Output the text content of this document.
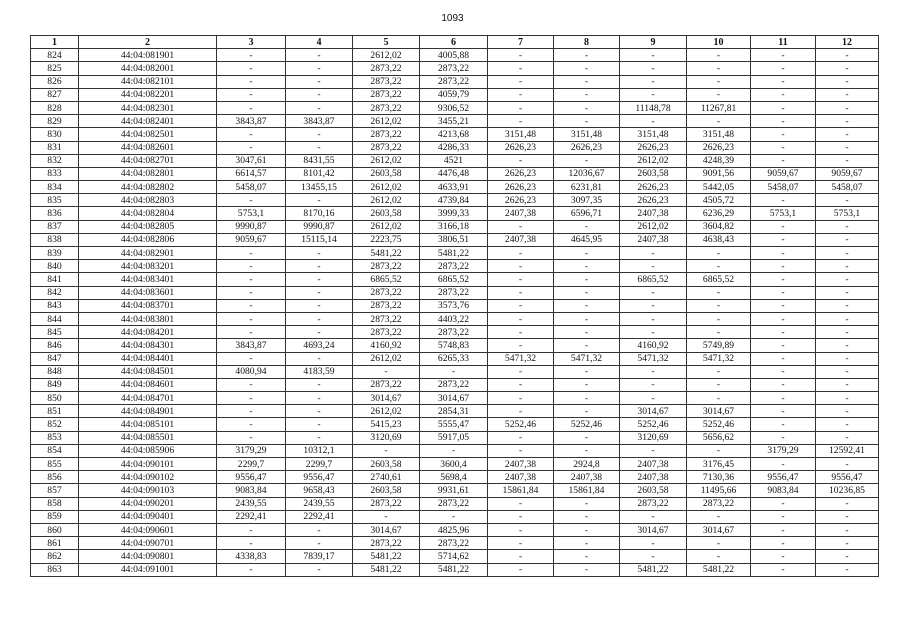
1093
1	2	3	4	5	6	7	8	9	10	11	12
824	44:04:081901	-	-	2612,02	4005,88	-	-	-	-	-	-
825	44:04:082001	-	-	2873,22	2873,22	-	-	-	-	-	-
826	44:04:082101	-	-	2873,22	2873,22	-	-	-	-	-	-
827	44:04:082201	-	-	2873,22	4059,79	-	-	-	-	-	-
828	44:04:082301	-	-	2873,22	9306,52	-	-	11148,78	11267,81	-	-
829	44:04:082401	3843,87	3843,87	2612,02	3455,21	-	-	-	-	-	-
830	44:04:082501	-	-	2873,22	4213,68	3151,48	3151,48	3151,48	3151,48	-	-
831	44:04:082601	-	-	2873,22	4286,33	2626,23	2626,23	2626,23	2626,23	-	-
832	44:04:082701	3047,61	8431,55	2612,02	4521	-	-	2612,02	4248,39	-	-
833	44:04:082801	6614,57	8101,42	2603,58	4476,48	2626,23	12036,67	2603,58	9091,56	9059,67	9059,67
834	44:04:082802	5458,07	13455,15	2612,02	4633,91	2626,23	6231,81	2626,23	5442,05	5458,07	5458,07
835	44:04:082803	-	-	2612,02	4739,84	2626,23	3097,35	2626,23	4505,72	-	-
836	44:04:082804	5753,1	8170,16	2603,58	3999,33	2407,38	6596,71	2407,38	6236,29	5753,1	5753,1
837	44:04:082805	9990,87	9990,87	2612,02	3166,18	-	-	2612,02	3604,82	-	-
838	44:04:082806	9059,67	15115,14	2223,75	3806,51	2407,38	4645,95	2407,38	4638,43	-	-
839	44:04:082901	-	-	5481,22	5481,22	-	-	-	-	-	-
840	44:04:083201	-	-	2873,22	2873,22	-	-	-	-	-	-
841	44:04:083401	-	-	6865,52	6865,52	-	-	6865,52	6865,52	-	-
842	44:04:083601	-	-	2873,22	2873,22	-	-	-	-	-	-
843	44:04:083701	-	-	2873,22	3573,76	-	-	-	-	-	-
844	44:04:083801	-	-	2873,22	4403,22	-	-	-	-	-	-
845	44:04:084201	-	-	2873,22	2873,22	-	-	-	-	-	-
846	44:04:084301	3843,87	4693,24	4160,92	5748,83	-	-	4160,92	5749,89	-	-
847	44:04:084401	-	-	2612,02	6265,33	5471,32	5471,32	5471,32	5471,32	-	-
848	44:04:084501	4080,94	4183,59	-	-	-	-	-	-	-	-
849	44:04:084601	-	-	2873,22	2873,22	-	-	-	-	-	-
850	44:04:084701	-	-	3014,67	3014,67	-	-	-	-	-	-
851	44:04:084901	-	-	2612,02	2854,31	-	-	3014,67	3014,67	-	-
852	44:04:085101	-	-	5415,23	5555,47	5252,46	5252,46	5252,46	5252,46	-	-
853	44:04:085501	-	-	3120,69	5917,05	-	-	3120,69	5656,62	-	-
854	44:04:085906	3179,29	10312,1	-	-	-	-	-	-	3179,29	12592,41
855	44:04:090101	2299,7	2299,7	2603,58	3600,4	2407,38	2924,8	2407,38	3176,45	-	-
856	44:04:090102	9556,47	9556,47	2740,61	5698,4	2407,38	2407,38	2407,38	7130,36	9556,47	9556,47
857	44:04:090103	9083,84	9658,43	2603,58	9931,61	15861,84	15861,84	2603,58	11495,66	9083,84	10236,85
858	44:04:090201	2439,55	2439,55	2873,22	2873,22	-	-	2873,22	2873,22	-	-
859	44:04:090401	2292,41	2292,41	-	-	-	-	-	-	-	-
860	44:04:090601	-	-	3014,67	4825,96	-	-	3014,67	3014,67	-	-
861	44:04:090701	-	-	2873,22	2873,22	-	-	-	-	-	-
862	44:04:090801	4338,83	7839,17	5481,22	5714,62	-	-	-	-	-	-
863	44:04:091001	-	-	5481,22	5481,22	-	-	5481,22	5481,22	-	-
